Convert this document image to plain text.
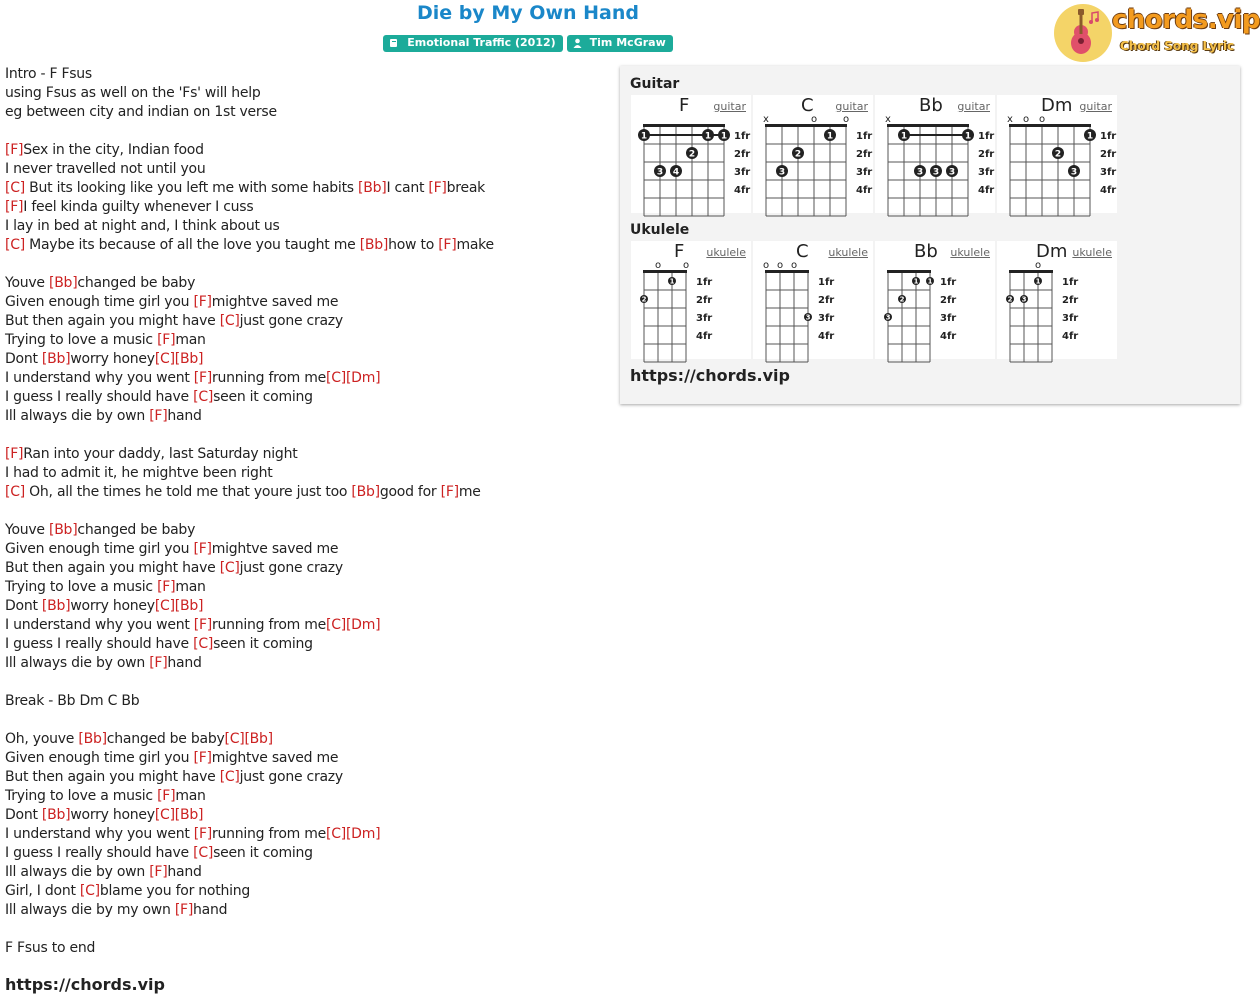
Die by My Own Hand
Emotional Traffic (2012)	Tim McGraw
chords.vip
Chord Song Lyric
Intro - F Fsus
using Fsus as well on the 'Fs' will help
eg between city and indian on 1st verse
[F]Sex in the city, Indian food
I never travelled not until you
[C] But its looking like you left me with some habits [Bb]I cant [F]break
[F]I feel kinda guilty whenever I cuss
I lay in bed at night and, I think about us
[C] Maybe its because of all the love you taught me [Bb]how to [F]make
Youve [Bb]changed be baby
Given enough time girl you [F]mightve saved me
But then again you might have [C]just gone crazy
Trying to love a music [F]man
Dont [Bb]worry honey[C][Bb]
I understand why you went [F]running from me[C][Dm]
I guess I really should have [C]seen it coming
Ill always die by own [F]hand
[F]Ran into your daddy, last Saturday night
I had to admit it, he mightve been right
[C] Oh, all the times he told me that youre just too [Bb]good for [F]me
Youve [Bb]changed be baby
Given enough time girl you [F]mightve saved me
But then again you might have [C]just gone crazy
Trying to love a music [F]man
Dont [Bb]worry honey[C][Bb]
I understand why you went [F]running from me[C][Dm]
I guess I really should have [C]seen it coming
Ill always die by own [F]hand
Break - Bb Dm C Bb
Oh, youve [Bb]changed be baby[C][Bb]
Given enough time girl you [F]mightve saved me
But then again you might have [C]just gone crazy
Trying to love a music [F]man
Dont [Bb]worry honey[C][Bb]
I understand why you went [F]running from me[C][Dm]
I guess I really should have [C]seen it coming
Ill always die by own [F]hand
Girl, I dont [C]blame you for nothing
Ill always die by my own [F]hand
F Fsus to end
https://chords.vip
Guitar
F guitar
1fr
2fr
3fr
4fr
1	1 1
2
3 4
C guitar
1fr
2fr
3fr
4fr
x	o	o
1
2
3
Bb guitar
1fr
2fr
3fr
4fr
x
1	1
3 3 3
Dm guitar
1fr
2fr
3fr
4fr
x o o
1
2
3
Ukulele
F ukulele
1fr
2fr
3fr
4fr
o o
1
2
C ukulele
1fr
2fr
3fr
4fr
o o o
3
Bb ukulele
1fr
2fr
3fr
4fr
1 1
2
3
Dm ukulele
1fr
2fr
3fr
4fr
o
1
2 3
https://chords.vip
